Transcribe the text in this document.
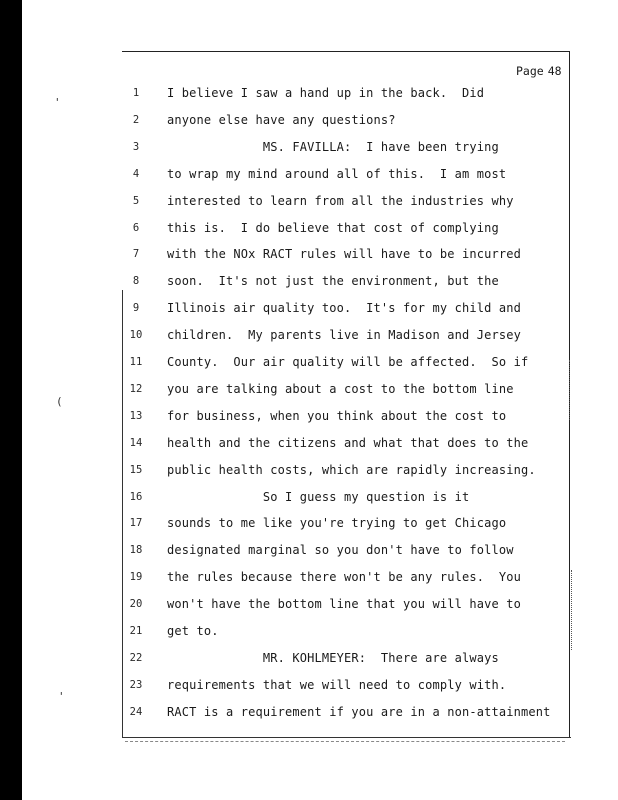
'
(
'
Page 48
1	I believe I saw a hand up in the back.  Did
2	anyone else have any questions?
3	MS. FAVILLA:  I have been trying
4	to wrap my mind around all of this.  I am most
5	interested to learn from all the industries why
6	this is.  I do believe that cost of complying
7	with the NOx RACT rules will have to be incurred
8	soon.  It's not just the environment, but the
9	Illinois air quality too.  It's for my child and
10	children.  My parents live in Madison and Jersey
11	County.  Our air quality will be affected.  So if
12	you are talking about a cost to the bottom line
13	for business, when you think about the cost to
14	health and the citizens and what that does to the
15	public health costs, which are rapidly increasing.
16	So I guess my question is it
17	sounds to me like you're trying to get Chicago
18	designated marginal so you don't have to follow
19	the rules because there won't be any rules.  You
20	won't have the bottom line that you will have to
21	get to.
22	MR. KOHLMEYER:  There are always
23	requirements that we will need to comply with.
24	RACT is a requirement if you are in a non-attainment
